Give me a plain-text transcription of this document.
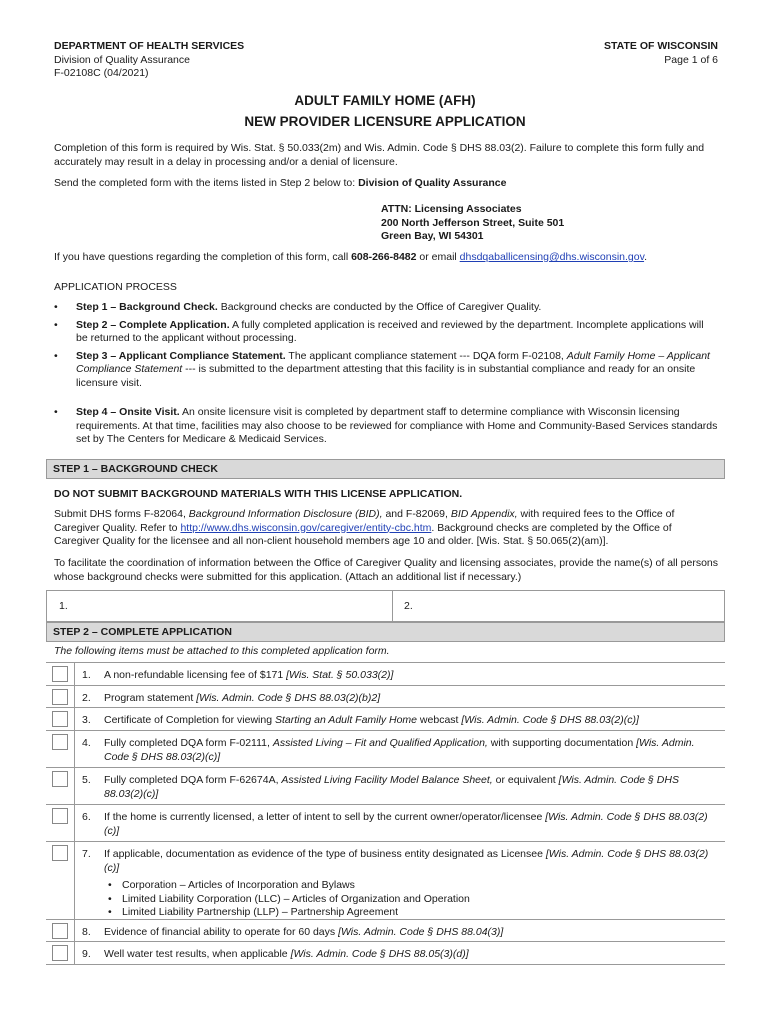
DEPARTMENT OF HEALTH SERVICES
Division of Quality Assurance
F-02108C (04/2021)
STATE OF WISCONSIN
Page 1 of 6
ADULT FAMILY HOME (AFH)
NEW PROVIDER LICENSURE APPLICATION
Completion of this form is required by Wis. Stat. § 50.033(2m) and Wis. Admin. Code § DHS 88.03(2). Failure to complete this form fully and accurately may result in a delay in processing and/or a denial of licensure.
Send the completed form with the items listed in Step 2 below to: Division of Quality Assurance
ATTN: Licensing Associates
200 North Jefferson Street, Suite 501
Green Bay, WI 54301
If you have questions regarding the completion of this form, call 608-266-8482 or email dhsdqaballicensing@dhs.wisconsin.gov.
APPLICATION PROCESS
• Step 1 – Background Check. Background checks are conducted by the Office of Caregiver Quality.
• Step 2 – Complete Application. A fully completed application is received and reviewed by the department. Incomplete applications will be returned to the applicant without processing.
• Step 3 – Applicant Compliance Statement. The applicant compliance statement --- DQA form F-02108, Adult Family Home – Applicant Compliance Statement --- is submitted to the department attesting that this facility is in substantial compliance and ready for an onsite licensure visit.
• Step 4 – Onsite Visit. An onsite licensure visit is completed by department staff to determine compliance with Wisconsin licensing requirements. At that time, facilities may also choose to be reviewed for compliance with Home and Community-Based Services standards set by The Centers for Medicare & Medicaid Services.
STEP 1 – BACKGROUND CHECK
DO NOT SUBMIT BACKGROUND MATERIALS WITH THIS LICENSE APPLICATION.
Submit DHS forms F-82064, Background Information Disclosure (BID), and F-82069, BID Appendix, with required fees to the Office of Caregiver Quality. Refer to http://www.dhs.wisconsin.gov/caregiver/entity-cbc.htm. Background checks are completed by the Office of Caregiver Quality for the licensee and all non-client household members age 10 and older. [Wis. Stat. § 50.065(2)(am)].
To facilitate the coordination of information between the Office of Caregiver Quality and licensing associates, provide the name(s) of all persons whose background checks were submitted for this application. (Attach an additional list if necessary.)
1.	2.
STEP 2 – COMPLETE APPLICATION
The following items must be attached to this completed application form.
1. A non-refundable licensing fee of $171 [Wis. Stat. § 50.033(2)]
2. Program statement [Wis. Admin. Code § DHS 88.03(2)(b)2]
3. Certificate of Completion for viewing Starting an Adult Family Home webcast [Wis. Admin. Code § DHS 88.03(2)(c)]
4. Fully completed DQA form F-02111, Assisted Living – Fit and Qualified Application, with supporting documentation [Wis. Admin. Code § DHS 88.03(2)(c)]
5. Fully completed DQA form F-62674A, Assisted Living Facility Model Balance Sheet, or equivalent [Wis. Admin. Code § DHS 88.03(2)(c)]
6. If the home is currently licensed, a letter of intent to sell by the current owner/operator/licensee [Wis. Admin. Code § DHS 88.03(2)(c)]
7. If applicable, documentation as evidence of the type of business entity designated as Licensee [Wis. Admin. Code § DHS 88.03(2)(c)]
• Corporation – Articles of Incorporation and Bylaws
• Limited Liability Corporation (LLC) – Articles of Organization and Operation
• Limited Liability Partnership (LLP) – Partnership Agreement
8. Evidence of financial ability to operate for 60 days [Wis. Admin. Code § DHS 88.04(3)]
9. Well water test results, when applicable [Wis. Admin. Code § DHS 88.05(3)(d)]
